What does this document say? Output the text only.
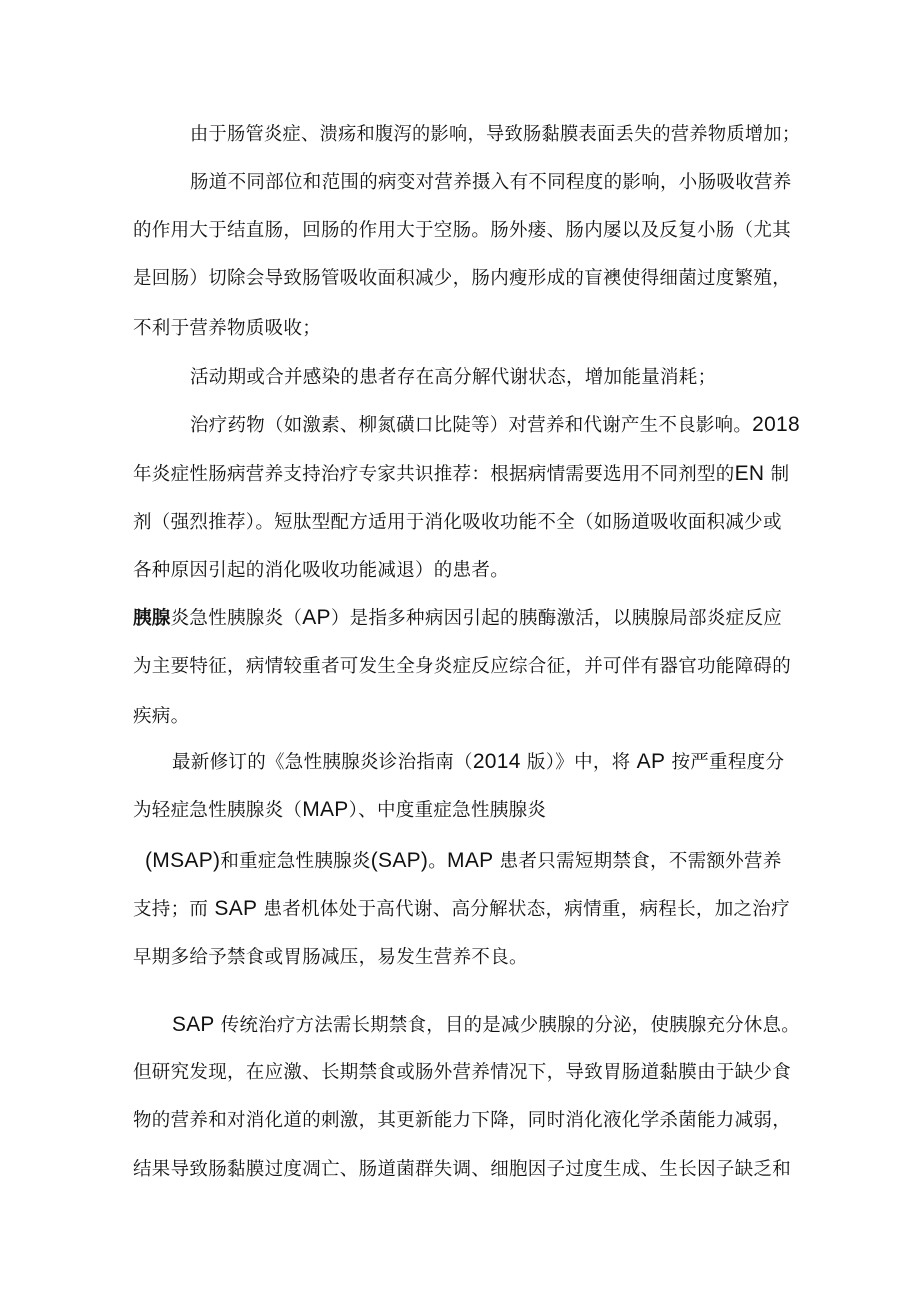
由于肠管炎症、溃疡和腹泻的影响，导致肠黏膜表面丢失的营养物质增加；
肠道不同部位和范围的病变对营养摄入有不同程度的影响，小肠吸收营养
的作用大于结直肠，回肠的作用大于空肠。肠外瘘、肠内屡以及反复小肠（尤其
是回肠）切除会导致肠管吸收面积减少，肠内瘦形成的盲襖使得细菌过度繁殖，
不利于营养物质吸收；
活动期或合并感染的患者存在高分解代谢状态，增加能量消耗；
治疗药物（如激素、柳氮磺口比陡等）对营养和代谢产生不良影响。2018
年炎症性肠病营养支持治疗专家共识推荐：根据病情需要选用不同剂型的EN 制
剂（强烈推荐）。短肽型配方适用于消化吸收功能不全（如肠道吸收面积减少或
各种原因引起的消化吸收功能减退）的患者。
胰腺炎急性胰腺炎（AP）是指多种病因引起的胰酶激活，以胰腺局部炎症反应
为主要特征，病情较重者可发生全身炎症反应综合征，并可伴有器官功能障碍的
疾病。
最新修订的《急性胰腺炎诊治指南（2014 版）》中，将 AP 按严重程度分
为轻症急性胰腺炎（MAP）、中度重症急性胰腺炎
(MSAP)和重症急性胰腺炎(SAP)。MAP 患者只需短期禁食，不需额外营养
支持；而 SAP 患者机体处于高代谢、高分解状态，病情重，病程长，加之治疗
早期多给予禁食或胃肠减压，易发生营养不良。
SAP 传统治疗方法需长期禁食，目的是减少胰腺的分泌，使胰腺充分休息。
但研究发现，在应激、长期禁食或肠外营养情况下，导致胃肠道黏膜由于缺少食
物的营养和对消化道的刺激，其更新能力下降，同时消化液化学杀菌能力减弱，
结果导致肠黏膜过度凋亡、肠道菌群失调、细胞因子过度生成、生长因子缺乏和
